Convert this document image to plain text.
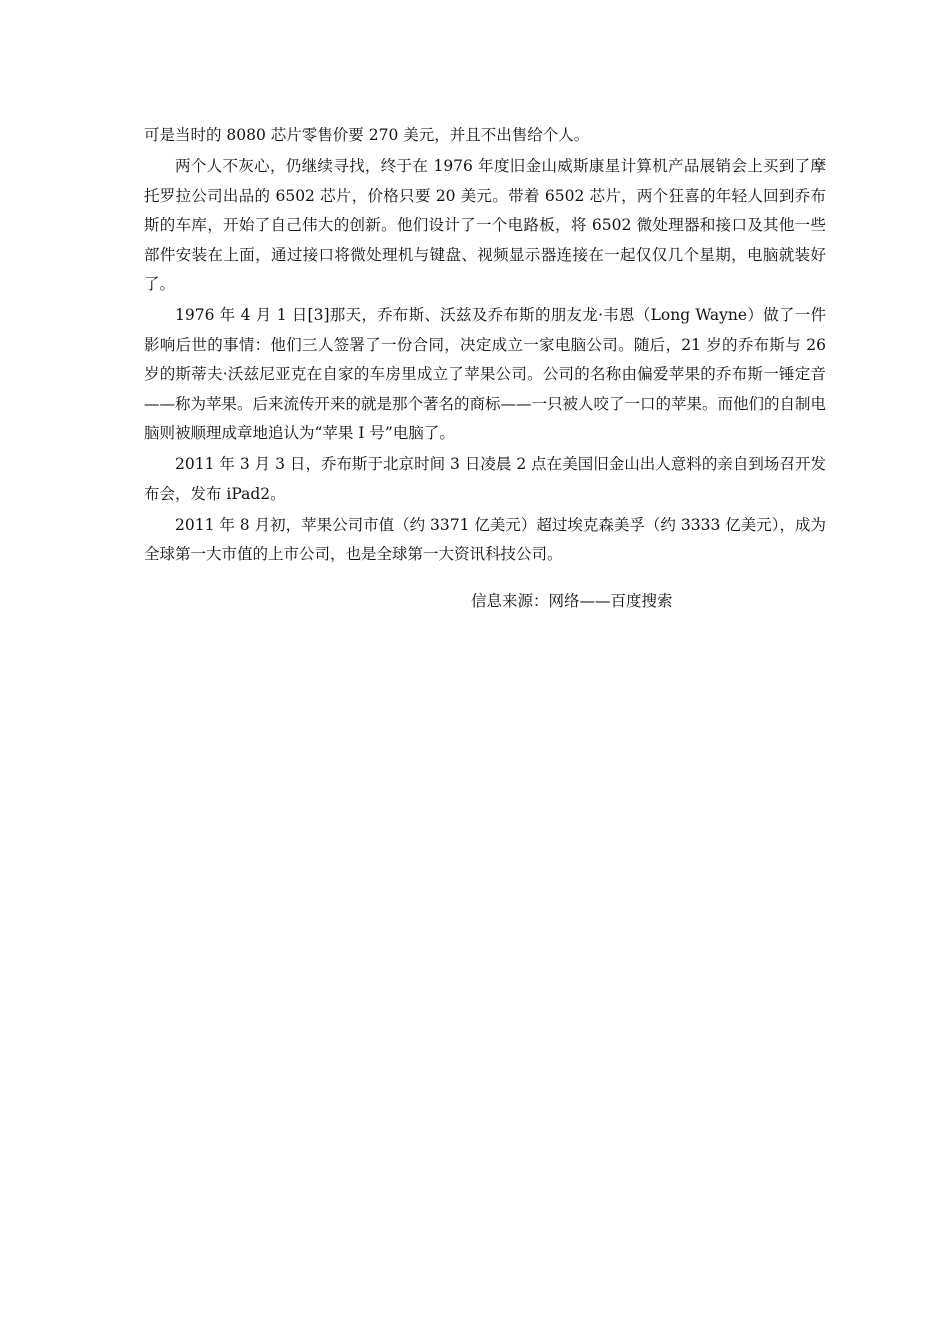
可是当时的 8080 芯片零售价要 270 美元，并且不出售给个人。

两个人不灰心，仍继续寻找，终于在 1976 年度旧金山威斯康星计算机产品展销会上买到了摩托罗拉公司出品的 6502 芯片，价格只要 20 美元。带着 6502 芯片，两个狂喜的年轻人回到乔布斯的车库，开始了自己伟大的创新。他们设计了一个电路板，将 6502 微处理器和接口及其他一些部件安装在上面，通过接口将微处理机与键盘、视频显示器连接在一起仅仅几个星期，电脑就装好了。

1976 年 4 月 1 日[3]那天，乔布斯、沃兹及乔布斯的朋友龙·韦恩（Long Wayne）做了一件影响后世的事情：他们三人签署了一份合同，决定成立一家电脑公司。随后，21 岁的乔布斯与 26 岁的斯蒂夫·沃兹尼亚克在自家的车房里成立了苹果公司。公司的名称由偏爱苹果的乔布斯一锤定音——称为苹果。后来流传开来的就是那个著名的商标——一只被人咬了一口的苹果。而他们的自制电脑则被顺理成章地追认为“苹果 I 号”电脑了。

2011 年 3 月 3 日，乔布斯于北京时间 3 日凌晨 2 点在美国旧金山出人意料的亲自到场召开发布会，发布 iPad2。

2011 年 8 月初，苹果公司市值（约 3371 亿美元）超过埃克森美孚（约 3333 亿美元），成为全球第一大市值的上市公司，也是全球第一大资讯科技公司。

信息来源：网络——百度搜索
